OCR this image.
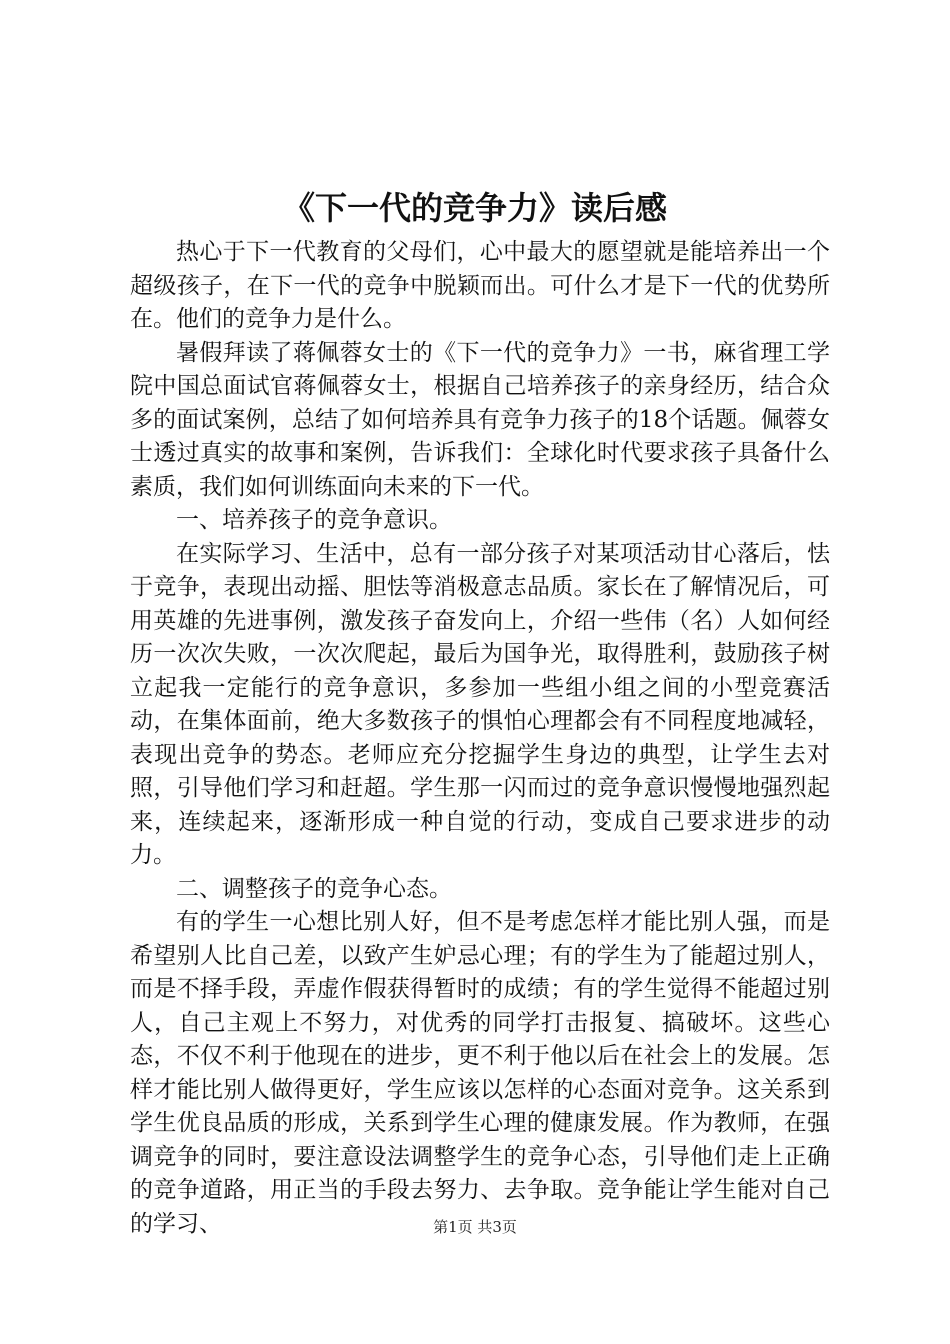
《下一代的竞争力》读后感

热心于下一代教育的父母们，心中最大的愿望就是能培养出一个超级孩子，在下一代的竞争中脱颖而出。可什么才是下一代的优势所在。他们的竞争力是什么。

暑假拜读了蒋佩蓉女士的《下一代的竞争力》一书，麻省理工学院中国总面试官蒋佩蓉女士，根据自己培养孩子的亲身经历，结合众多的面试案例，总结了如何培养具有竞争力孩子的18个话题。佩蓉女士透过真实的故事和案例，告诉我们：全球化时代要求孩子具备什么素质，我们如何训练面向未来的下一代。

一、培养孩子的竞争意识。

在实际学习、生活中，总有一部分孩子对某项活动甘心落后，怯于竞争，表现出动摇、胆怯等消极意志品质。家长在了解情况后，可用英雄的先进事例，激发孩子奋发向上，介绍一些伟（名）人如何经历一次次失败，一次次爬起，最后为国争光，取得胜利，鼓励孩子树立起我一定能行的竞争意识，多参加一些组小组之间的小型竞赛活动，在集体面前，绝大多数孩子的惧怕心理都会有不同程度地减轻，表现出竞争的势态。老师应充分挖掘学生身边的典型，让学生去对照，引导他们学习和赶超。学生那一闪而过的竞争意识慢慢地强烈起来，连续起来，逐渐形成一种自觉的行动，变成自己要求进步的动力。

二、调整孩子的竞争心态。

有的学生一心想比别人好，但不是考虑怎样才能比别人强，而是希望别人比自己差，以致产生妒忌心理；有的学生为了能超过别人，而是不择手段，弄虚作假获得暂时的成绩；有的学生觉得不能超过别人，自己主观上不努力，对优秀的同学打击报复、搞破坏。这些心态，不仅不利于他现在的进步，更不利于他以后在社会上的发展。怎样才能比别人做得更好，学生应该以怎样的心态面对竞争。这关系到学生优良品质的形成，关系到学生心理的健康发展。作为教师，在强调竞争的同时，要注意设法调整学生的竞争心态，引导他们走上正确的竞争道路，用正当的手段去努力、去争取。竞争能让学生能对自己的学习、	第1页 共3页
